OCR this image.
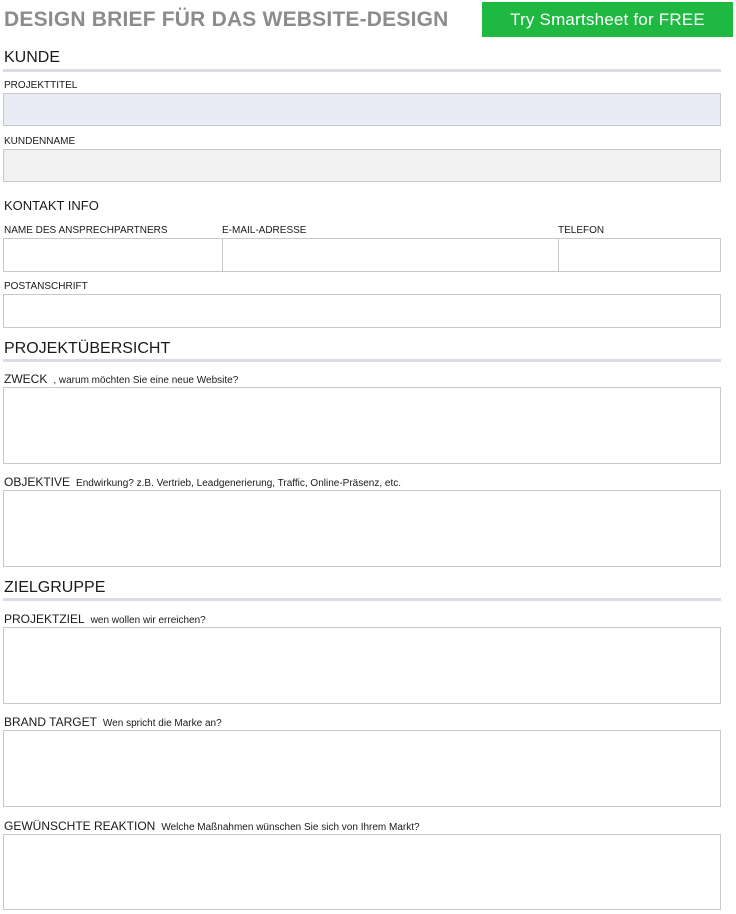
DESIGN BRIEF FÜR DAS WEBSITE-DESIGN	Try Smartsheet for FREE
KUNDE
PROJEKTTITEL
KUNDENNAME
KONTAKT INFO
NAME DES ANSPRECHPARTNERS	E-MAIL-ADRESSE	TELEFON
POSTANSCHRIFT
PROJEKTÜBERSICHT
ZWECK , warum möchten Sie eine neue Website?
OBJEKTIVE Endwirkung? z.B. Vertrieb, Leadgenerierung, Traffic, Online-Präsenz, etc.
ZIELGRUPPE
PROJEKTZIEL wen wollen wir erreichen?
BRAND TARGET Wen spricht die Marke an?
GEWÜNSCHTE REAKTION Welche Maßnahmen wünschen Sie sich von Ihrem Markt?
